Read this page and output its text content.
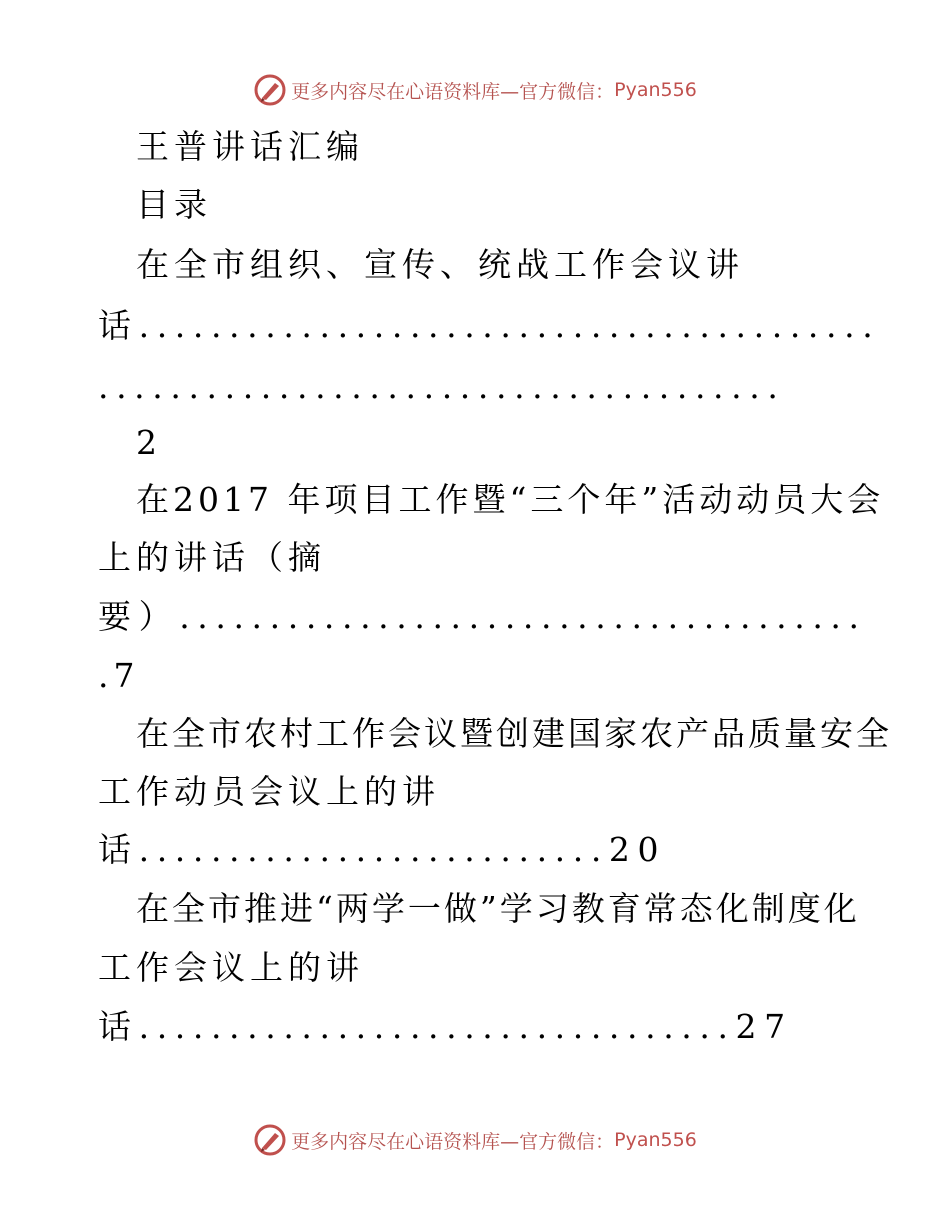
更多内容尽在心语资料库—官方微信： Pyan556
王普讲话汇编
目录
在全市组织、宣传、统战工作会议讲
话.........................................
......................................
2
在2017 年项目工作暨“三个年”活动动员大会
上的讲话（摘
要）......................................
.7
在全市农村工作会议暨创建国家农产品质量安全
工作动员会议上的讲
话..........................20
在全市推进“两学一做”学习教育常态化制度化
工作会议上的讲
话.................................27
更多内容尽在心语资料库—官方微信： Pyan556
